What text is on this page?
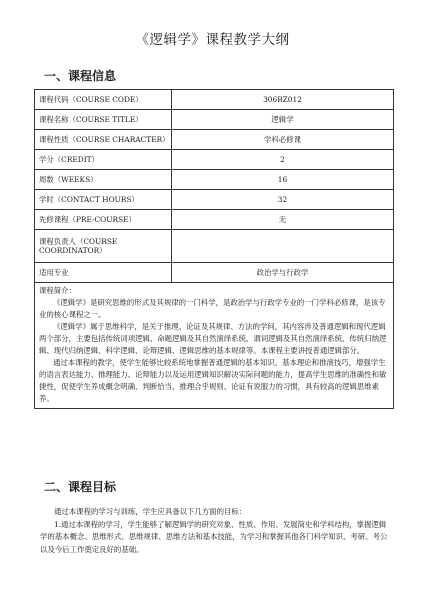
《逻辑学》课程教学大纲
一、课程信息
课程代码（COURSE CODE）	306BZ012
课程名称（COURSE TITLE）	逻辑学
课程性质（COURSE CHARACTER）	学科必修课
学分（CREDIT）	2
周数（WEEKS）	16
学时（CONTACT HOURS）	32
先修课程（PRE-COURSE）	无
课程负责人（COURSE COORDINATOR）	
适用专业	政治学与行政学

课程简介：
《逻辑学》是研究思维的形式及其规律的一门科学，是政治学与行政学专业的一门学科必修课，是该专业的核心课程之一。
《逻辑学》属于思维科学，是关于推理、论证及其规律、方法的学问，其内容涉及普通逻辑和现代逻辑两个部分，主要包括传统词项逻辑、命题逻辑及其自然演绎系统、谓词逻辑及其自然演绎系统、传统归纳逻辑、现代归纳逻辑、科学逻辑、论辩逻辑、逻辑思维的基本规律等。本课程主要讲授普通逻辑部分。
通过本课程的教学，使学生能够比较系统地掌握普通逻辑的基本知识、基本理论和推演技巧，增强学生的语言表达能力、推理能力、论辩能力以及运用逻辑知识解决实际问题的能力，提高学生思维的准确性和敏捷性，促使学生养成概念明确、判断恰当、推理合乎规则、论证有说服力的习惯，具有较高的逻辑思维素养。	
二、课程目标
通过本课程的学习与训练，学生应具备以下几方面的目标：
1.通过本课程的学习，学生能够了解逻辑学的研究对象、性质、作用、发展简史和学科结构，掌握逻辑学的基本概念、思维形式、思维规律、思维方法和基本技能，为学习和掌握其他各门科学知识、考研、考公以及今后工作奠定良好的基础。
